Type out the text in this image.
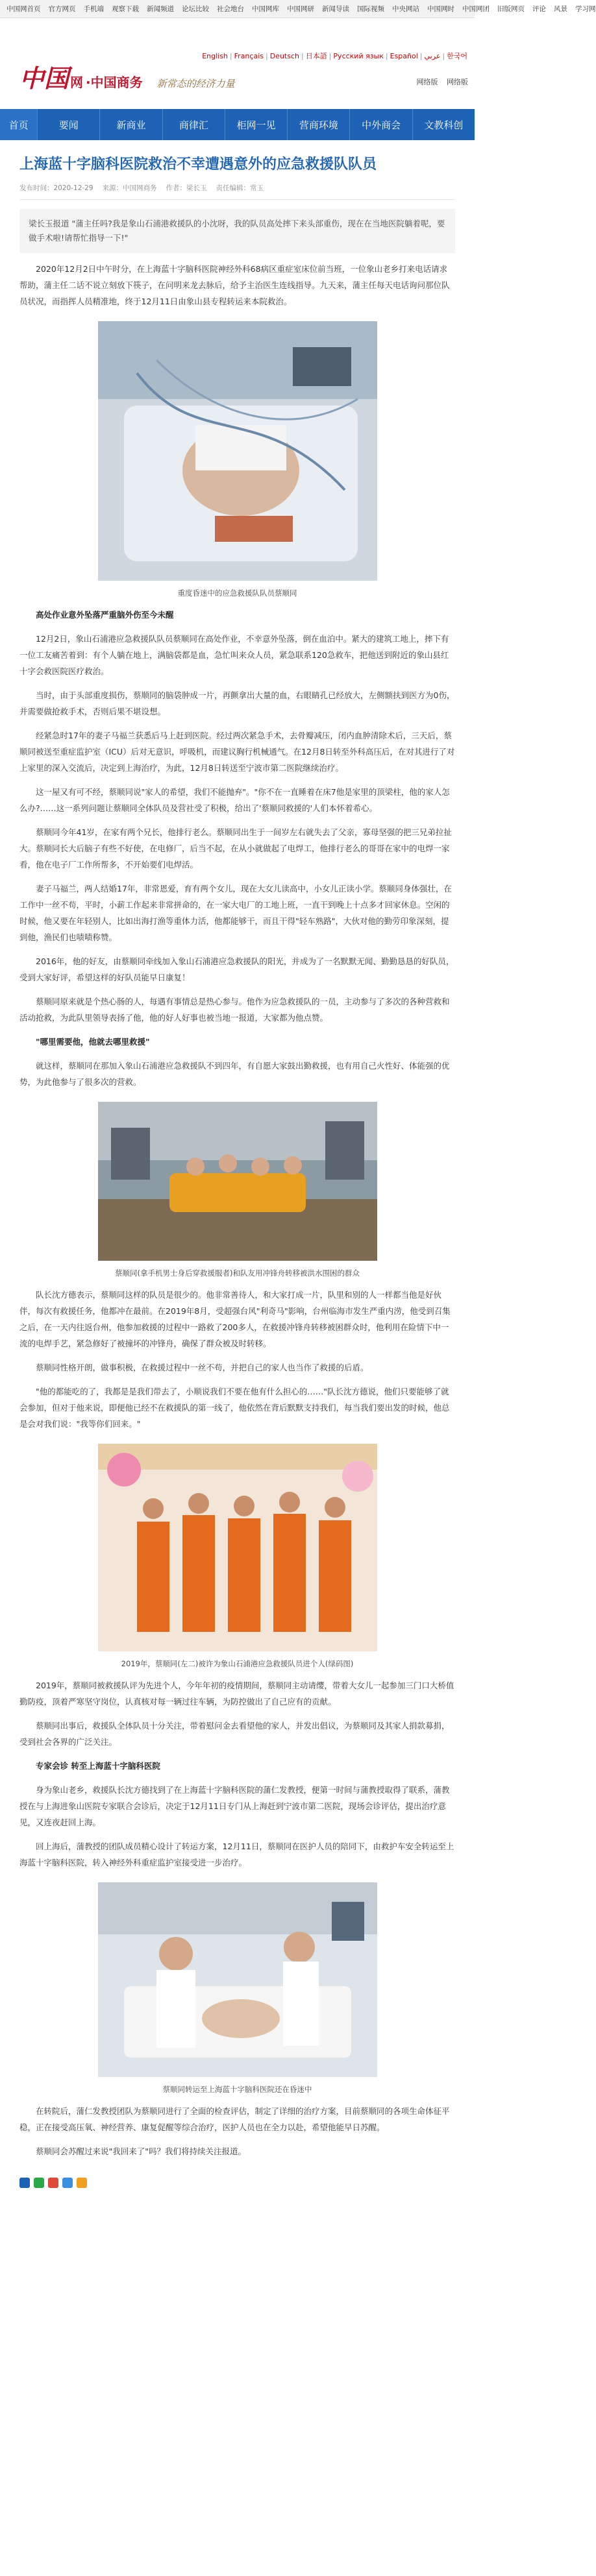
中国网首页 官方网页 手机端 观察下载 新闻频道 论坛比较 社会地台 中国网库 中国网研 新闻导读 国际视频 中央网站 中国网时 中国网团 旧版网页 评论 风景 学习网
English | Français | Deutsch | 日本語 | Русский язык | Español | عربي | 한국어
中国 网 ·中国商务 新常态的经济力量	网络版 网络版
首页	要闻	新商业	商律汇	柜网一见	营商环境	中外商会	文教科创
上海蓝十字脑科医院救治不幸遭遇意外的应急救援队队员
发布时间：2020-12-29 来源：中国网商务 作者：梁长玉 责任编辑：常玉
梁长玉报道 "蒲主任吗?我是象山石浦港救援队的小沈呀，我的队员高处摔下来头部重伤，现在在当地医院躺着呢，要做手术啦!请帮忙指导一下!"

2020年12月2日中午时分，在上海蓝十字脑科医院神经外科68病区重症室床位前当班，一位象山老乡打来电话请求帮助，蒲主任二话不说立刻放下筷子，在问明来龙去脉后，给予主治医生连线指导。九天来，蒲主任每天电话询问那位队员状况，而指挥人员精准地，终于12月11日由象山县专程转运来本院救治。

重度昏迷中的应急救援队队员蔡顺同

高处作业意外坠落严重脑外伤至今未醒

12月2日，象山石浦港应急救援队队员蔡顺同在高处作业，不幸意外坠落，倒在血泊中。紧大的建筑工地上，摔下有一位工友痛苦着到：有个人躺在地上，满脑袋都是血，急忙叫来众人员，紧急联系120急救车，把他送到附近的象山县红十字会救医院医疗救治。

当时，由于头部重度损伤，蔡顺同的脑袋肿成一片，再颤拿出大量的血，右眼睛孔已经放大，左侧额扶到医方为0伤，并需要做抢救手术，否则后果不堪设想。

经紧急时17年的妻子马福兰获悉后马上赶到医院。经过两次紧急手术，去骨瓣减压，闭内血肿清除术后，三天后，蔡顺同被送至重症监护室（ICU）后对无意识，呼吸机，而建议胸行机械通气。在12月8日转至外科高压后，在对其进行了对上家里的深入交流后，决定到上海治疗，为此，12月8日转送至宁波市第二医院继续治疗。

这一屋又有可不经，蔡顺同说"家人的希望，我们不能抛弃"。"你不在一直睡着在床7他是家里的顶梁柱，他的家人怎么办?……这一系列问题让蔡顺同全体队员及营社受了积极，给出了'蔡顺同救援的'人们本怀着希心。

蔡顺同今年41岁，在家有两个兄长，他排行老么。蔡顺同出生于一间岁左右就失去了父亲，寡母坚强的把三兄弟拉扯大。蔡顺同长大后脑子有些不好使，在电修厂，后当不起，在从小就做起了电焊工，他排行老么的哥哥在家中的电焊一家看，他在电子厂工作所帮多，不开始要们电焊活。

妻子马福兰，两人结婚17年，非常恩爱，育有两个女儿，现在大女儿读高中，小女儿正读小学。蔡顺同身体强壮，在工作中一丝不苟，平时，小薪工作起来非常拼命的，在一家大电厂的工地上班，一直干到晚上十点多才回家休息。空闲的时候，他又要在年轻别人，比如出海打渔等重体力活，他都能够干，而且干得"轻车熟路"，大伙对他的勤劳印象深刻，提到他，渔民们也啧啧称赞。

2016年，他的好友，由蔡顺同牵线加入象山石浦港应急救援队的阳光，并成为了一名默默无闻、勤勤恳恳的好队员，受到大家好评，希望这样的好队员能早日康复！

蔡顺同原来就是个热心肠的人，每遇有事情总是热心参与。他作为应急救援队的一员，主动参与了多次的各种营救和活动抢救，为此队里领导表扬了他，他的好人好事也被当地一报道，大家都为他点赞。

"哪里需要他，他就去哪里救援"

就这样，蔡顺同在那加入象山石浦港应急救援队不到四年，有自愿大家鼓出勤救援，也有用自己火性好、体能强的优势，为此他参与了很多次的营救。

蔡顺同(拿手机男士身后穿救援服者)和队友用冲锋舟转移被洪水围困的群众

队长沈方德表示，蔡顺同这样的队员是很少的。他非常善待人，和大家打成一片，队里和别的人一样都当他是好伙伴，每次有救援任务，他都冲在最前。在2019年8月，受超强台风"利奇马"影响，台州临海市发生严重内涝，他受到召集之后，在一天内往返台州，他参加救援的过程中一路救了200多人，在救援冲锋舟转移被困群众时，他利用在险情下中一流的电焊手艺，紧急修好了被撞坏的冲锋舟，确保了群众被及时转移。

蔡顺同性格开朗，做事积极，在救援过程中一丝不苟，并把自己的家人也当作了救援的后盾。

"他的都能吃的了，我都是是我们带去了，小顺说我们不要在他有什么担心的……"队长沈方德说，他们只要能够了就会参加，但对于他来说，即便他已经不在救援队的第一线了，他依然在背后默默支持我们，每当我们要出发的时候，他总是会对我们说："我等你们回来。"

2019年，蔡顺同(左二)被许为象山石浦港应急救援队员进个人(绿码图)

2019年，蔡顺同被救援队评为先进个人，今年年初的疫情期间，蔡顺同主动请缨，带着大女儿一起参加三门口大桥值勤防疫，顶着严寒坚守岗位，认真核对每一辆过往车辆，为防控做出了自己应有的贡献。

蔡顺同出事后，救援队全体队员十分关注，带着慰问金去看望他的家人，并发出倡议，为蔡顺同及其家人捐款募捐，受到社会各界的广泛关注。

专家会诊 转至上海蓝十字脑科医院

身为象山老乡，救援队长沈方德找到了在上海蓝十字脑科医院的蒲仁发教授，便第一时间与蒲教授取得了联系，蒲教授在与上海进象山医院专家联合会诊后，决定于12月11日专门从上海赶到宁波市第二医院，现场会诊评估，提出治疗意见，又连夜赶回上海。

回上海后，蒲教授的团队成员精心设计了转运方案，12月11日，蔡顺同在医护人员的陪同下，由救护车安全转运至上海蓝十字脑科医院，转入神经外科重症监护室接受进一步治疗。

蔡顺同转运至上海蓝十字脑科医院还在昏迷中

在转院后，蒲仁发教授团队为蔡顺同进行了全面的检查评估，制定了详细的治疗方案，目前蔡顺同的各项生命体征平稳，正在接受高压氧、神经营养、康复促醒等综合治疗，医护人员也在全力以赴，希望他能早日苏醒。

蔡顺同会苏醒过来说"我回来了"吗？我们将持续关注报道。
